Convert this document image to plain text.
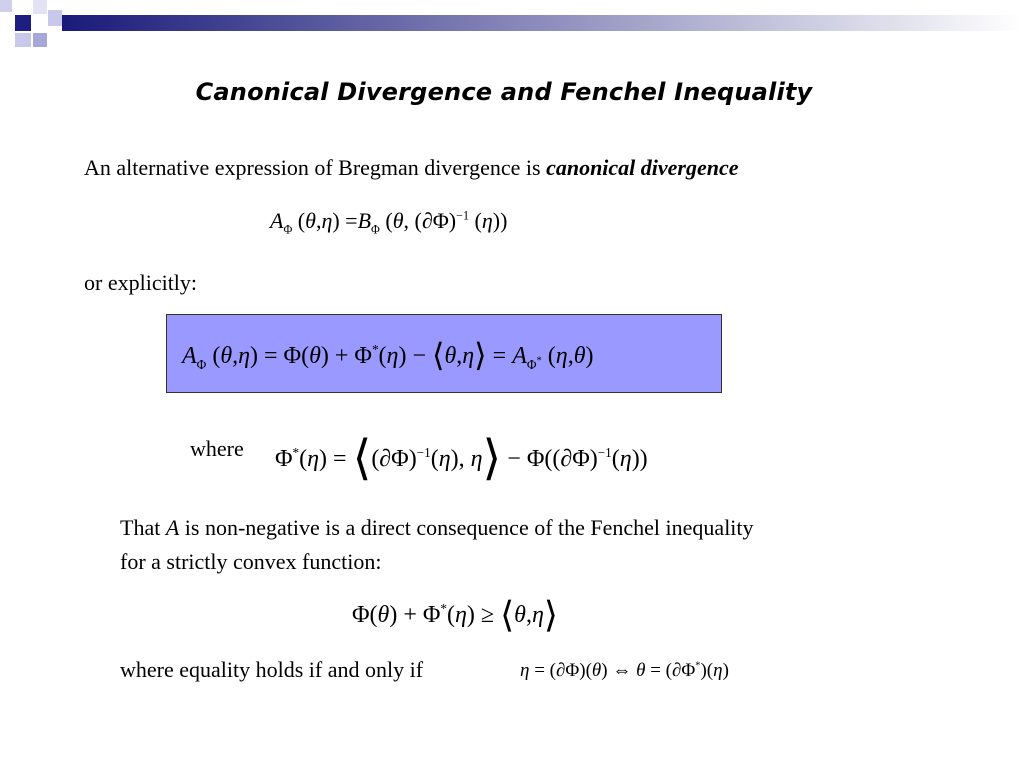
Canonical Divergence and Fenchel Inequality
An alternative expression of Bregman divergence is canonical divergence
$A_\Phi$ $(\theta,\eta) =B_\Phi$ (θ, $(\partial\Phi)^{-1}$ (η))
or explicitly:
$A_\Phi$ (θ,η) = Φ(θ) + Φ*(η) − ⟨θ,η⟩ = $A_{\Phi^*}$ (η,θ)
where $\Phi^*(\eta) = ⟨(\partial\Phi)^{-1}(\eta)$, η⟩ − $\Phi((\partial\Phi)^{-1}(\eta))$
That A is non-negative is a direct consequence of the Fenchel inequality
for a strictly convex function:
Φ(θ) + Φ*(η) ≥ ⟨θ,η⟩
where equality holds if and only if	η = (∂Φ)(θ) ⇔ θ = (∂Φ*)(η)
